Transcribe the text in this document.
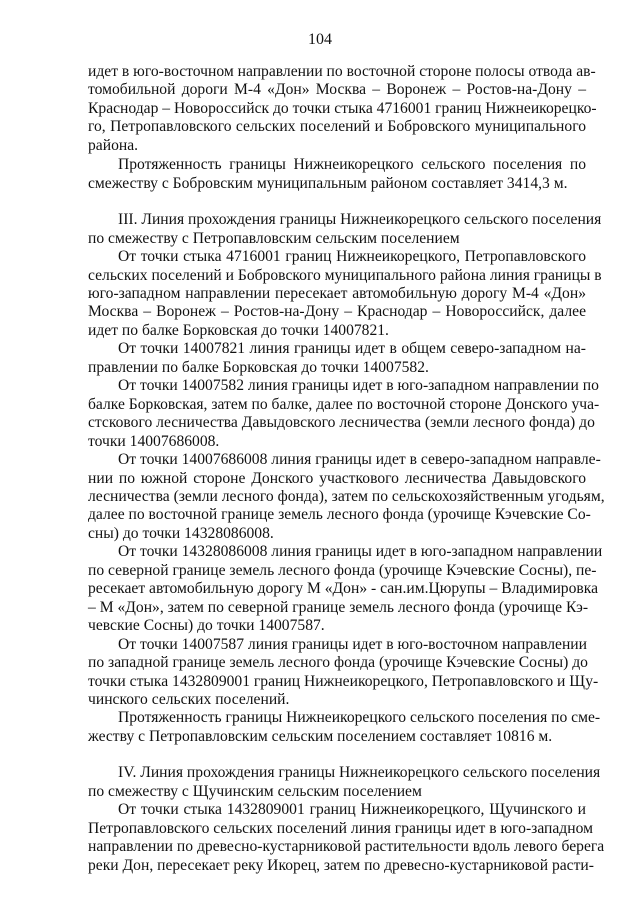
104

идет в юго-восточном направлении по восточной стороне полосы отвода ав-
томобильной дороги М-4 «Дон» Москва – Воронеж – Ростов-на-Дону –
Краснодар – Новороссийск до точки стыка 4716001 границ Нижнеикорецко-
го, Петропавловского сельских поселений и Бобровского муниципального
района.

Протяженность границы Нижнеикорецкого сельского поселения по
смежеству с Бобровским муниципальным районом составляет 3414,3 м.

III. Линия прохождения границы Нижнеикорецкого сельского поселения
по смежеству с Петропавловским сельским поселением

От точки стыка 4716001 границ Нижнеикорецкого, Петропавловского
сельских поселений и Бобровского муниципального района линия границы в
юго-западном направлении пересекает автомобильную дорогу М-4 «Дон»
Москва – Воронеж – Ростов-на-Дону – Краснодар – Новороссийск, далее
идет по балке Борковская до точки 14007821.

От точки 14007821 линия границы идет в общем северо-западном на-
правлении по балке Борковская до точки 14007582.

От точки 14007582 линия границы идет в юго-западном направлении по
балке Борковская, затем по балке, далее по восточной стороне Донского уча-
стскового лесничества Давыдовского лесничества (земли лесного фонда) до
точки 14007686008.

От точки 14007686008 линия границы идет в северо-западном направле-
нии по южной стороне Донского участкового лесничества Давыдовского
лесничества (земли лесного фонда), затем по сельскохозяйственным угодьям,
далее по восточной границе земель лесного фонда (урочище Кэчевские Со-
сны) до точки 14328086008.

От точки 14328086008 линия границы идет в юго-западном направлении
по северной границе земель лесного фонда (урочище Кэчевские Сосны), пе-
ресекает автомобильную дорогу М «Дон» - сан.им.Цюрупы – Владимировка
– М «Дон», затем по северной границе земель лесного фонда (урочище Кэ-
чевские Сосны) до точки 14007587.

От точки 14007587 линия границы идет в юго-восточном направлении
по западной границе земель лесного фонда (урочище Кэчевские Сосны) до
точки стыка 1432809001 границ Нижнеикорецкого, Петропавловского и Щу-
чинского сельских поселений.

Протяженность границы Нижнеикорецкого сельского поселения по сме-
жеству с Петропавловским сельским поселением составляет 10816 м.

IV. Линия прохождения границы Нижнеикорецкого сельского поселения
по смежеству с Щучинским сельским поселением

От точки стыка 1432809001 границ Нижнеикорецкого, Щучинского и
Петропавловского сельских поселений линия границы идет в юго-западном
направлении по древесно-кустарниковой растительности вдоль левого берега
реки Дон, пересекает реку Икорец, затем по древесно-кустарниковой расти-
